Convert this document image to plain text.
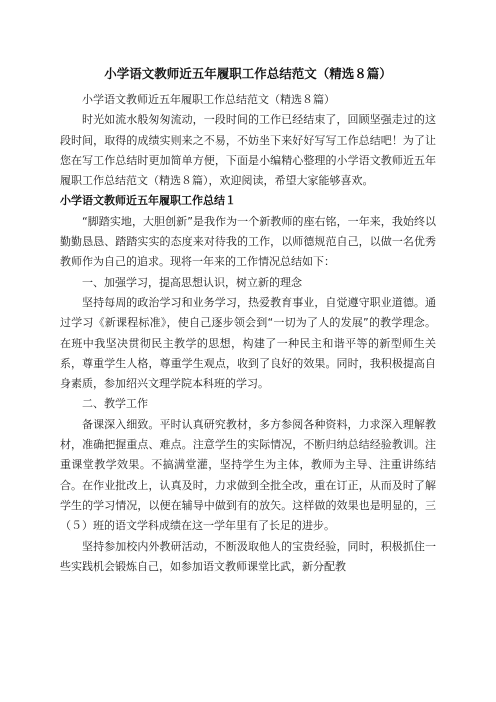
小学语文教师近五年履职工作总结范文（精选８篇）

小学语文教师近五年履职工作总结范文（精选８篇）

时光如流水般匆匆流动，一段时间的工作已经结束了，回顾坚强走过的这段时间，取得的成绩实则来之不易，不妨坐下来好好写写工作总结吧！为了让您在写工作总结时更加简单方便，下面是小编精心整理的小学语文教师近五年履职工作总结范文（精选８篇），欢迎阅读，希望大家能够喜欢。

小学语文教师近五年履职工作总结１

“脚踏实地，大胆创新”是我作为一个新教师的座右铭，一年来，我始终以勤勤恳恳、踏踏实实的态度来对待我的工作，以师德规范自己，以做一名优秀教师作为自己的追求。现将一年来的工作情况总结如下：

一、加强学习，提高思想认识，树立新的理念

坚持每周的政治学习和业务学习，热爱教育事业，自觉遵守职业道德。通过学习《新课程标准》，使自己逐步领会到“一切为了人的发展”的教学理念。在班中我坚决贯彻民主教学的思想，构建了一种民主和谐平等的新型师生关系，尊重学生人格，尊重学生观点，收到了良好的效果。同时，我积极提高自身素质，参加绍兴文理学院本科班的学习。

二、教学工作

备课深入细致。平时认真研究教材，多方参阅各种资料，力求深入理解教材，准确把握重点、难点。注意学生的实际情况，不断归纳总结经验教训。注重课堂教学效果。不搞满堂灌，坚持学生为主体，教师为主导、注重讲练结合。在作业批改上，认真及时，力求做到全批全改，重在订正，从而及时了解学生的学习情况，以便在辅导中做到有的放矢。这样做的效果也是明显的，三（５）班的语文学科成绩在这一学年里有了长足的进步。

坚持参加校内外教研活动，不断汲取他人的宝贵经验，同时，积极抓住一些实践机会锻炼自己，如参加语文教师课堂比武，新分配教
